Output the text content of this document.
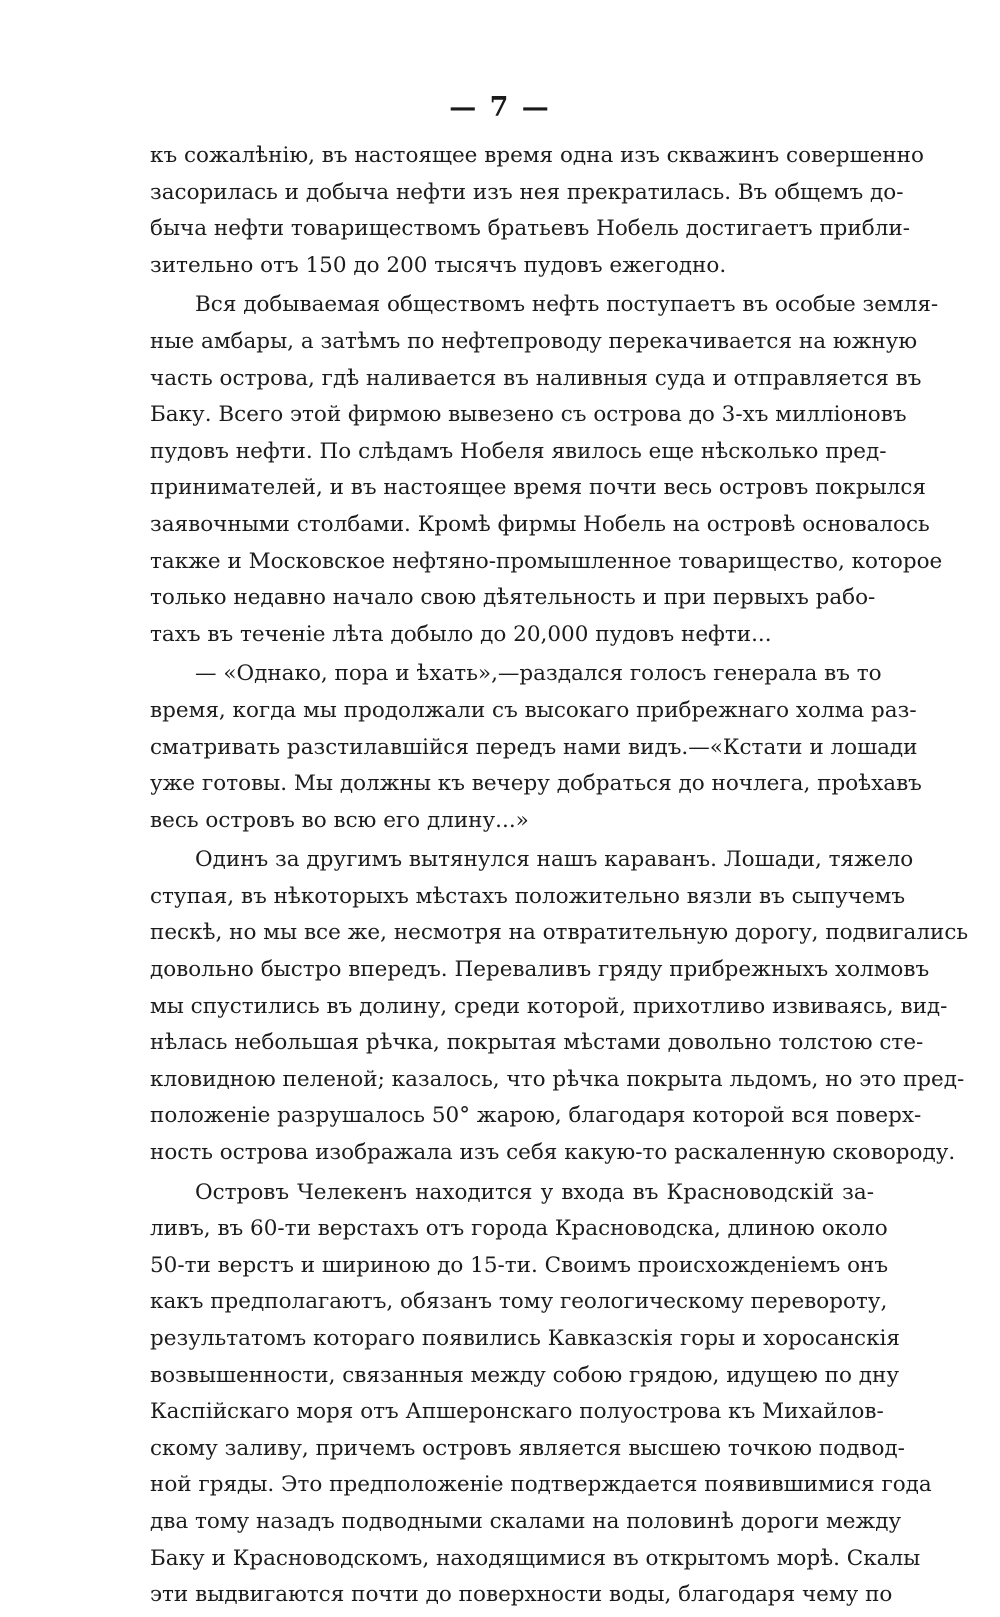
— 7 —
къ сожалѣнію, въ настоящее время одна изъ скважинъ совершенно
засорилась и добыча нефти изъ нея прекратилась. Въ общемъ до-
быча нефти товариществомъ братьевъ Нобель достигаетъ прибли-
зительно отъ 150 до 200 тысячъ пудовъ ежегодно.
Вся добываемая обществомъ нефть поступаетъ въ особые земля-
ные амбары, а затѣмъ по нефтепроводу перекачивается на южную
часть острова, гдѣ наливается въ наливныя суда и отправляется въ
Баку. Всего этой фирмою вывезено съ острова до 3-хъ милліоновъ
пудовъ нефти. По слѣдамъ Нобеля явилось еще нѣсколько пред-
принимателей, и въ настоящее время почти весь островъ покрылся
заявочными столбами. Кромѣ фирмы Нобель на островѣ основалось
также и Московское нефтяно-промышленное товарищество, которое
только недавно начало свою дѣятельность и при первыхъ рабо-
тахъ въ теченіе лѣта добыло до 20,000 пудовъ нефти...
— «Однако, пора и ѣхать»,—раздался голосъ генерала въ то
время, когда мы продолжали съ высокаго прибрежнаго холма раз-
сматривать разстилавшійся передъ нами видъ.—«Кстати и лошади
уже готовы. Мы должны къ вечеру добраться до ночлега, проѣхавъ
весь островъ во всю его длину...»
Одинъ за другимъ вытянулся нашъ караванъ. Лошади, тяжело
ступая, въ нѣкоторыхъ мѣстахъ положительно вязли въ сыпучемъ
пескѣ, но мы все же, несмотря на отвратительную дорогу, подвигались
довольно быстро впередъ. Переваливъ гряду прибрежныхъ холмовъ
мы спустились въ долину, среди которой, прихотливо извиваясь, вид-
нѣлась небольшая рѣчка, покрытая мѣстами довольно толстою сте-
кловидною пеленой; казалось, что рѣчка покрыта льдомъ, но это пред-
положеніе разрушалось 50° жарою, благодаря которой вся поверх-
ность острова изображала изъ себя какую-то раскаленную сковороду.
Островъ Челекенъ находится у входа въ Красноводскій за-
ливъ, въ 60-ти верстахъ отъ города Красноводска, длиною около
50-ти верстъ и шириною до 15-ти. Своимъ происхожденіемъ онъ
какъ предполагаютъ, обязанъ тому геологическому перевороту,
результатомъ котораго появились Кавказскія горы и хоросанскія
возвышенности, связанныя между собою грядою, идущею по дну
Каспійскаго моря отъ Апшеронскаго полуострова къ Михайлов-
скому заливу, причемъ островъ является высшею точкою подвод-
ной гряды. Это предположеніе подтверждается появившимися года
два тому назадъ подводными скалами на половинѣ дороги между
Баку и Красноводскомъ, находящимися въ открытомъ морѣ. Скалы
эти выдвигаются почти до поверхности воды, благодаря чему по
